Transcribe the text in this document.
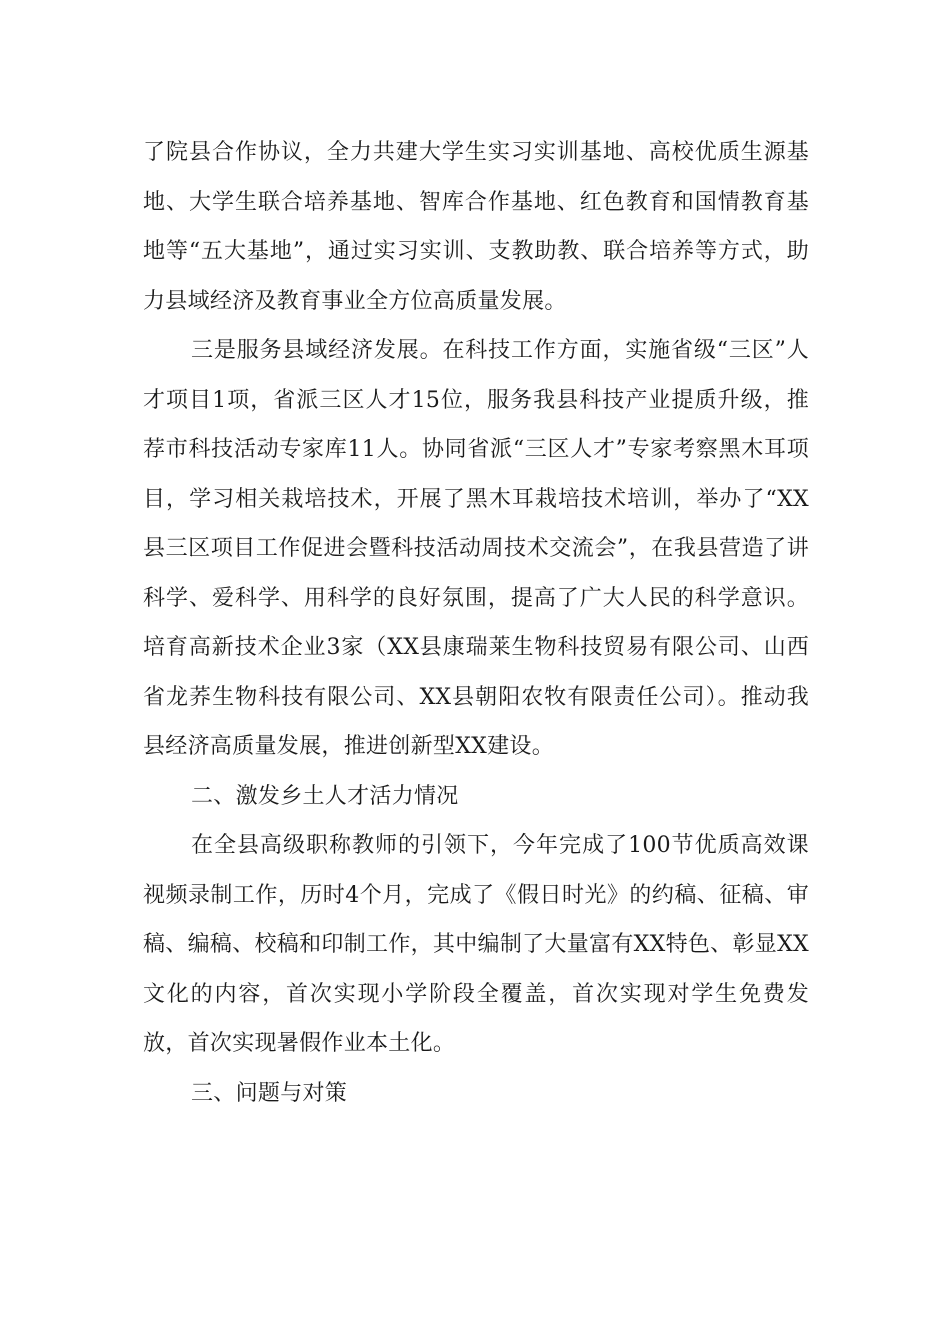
了院县合作协议，全力共建大学生实习实训基地、高校优质生源基地、大学生联合培养基地、智库合作基地、红色教育和国情教育基地等“五大基地”，通过实习实训、支教助教、联合培养等方式，助力县域经济及教育事业全方位高质量发展。

三是服务县域经济发展。在科技工作方面，实施省级“三区”人才项目1项，省派三区人才15位，服务我县科技产业提质升级，推荐市科技活动专家库11人。协同省派“三区人才”专家考察黑木耳项目，学习相关栽培技术，开展了黑木耳栽培技术培训，举办了“XX县三区项目工作促进会暨科技活动周技术交流会”，在我县营造了讲科学、爱科学、用科学的良好氛围，提高了广大人民的科学意识。培育高新技术企业3家（XX县康瑞莱生物科技贸易有限公司、山西省龙荞生物科技有限公司、XX县朝阳农牧有限责任公司）。推动我县经济高质量发展，推进创新型XX建设。

二、激发乡土人才活力情况

在全县高级职称教师的引领下，今年完成了100节优质高效课视频录制工作，历时4个月，完成了《假日时光》的约稿、征稿、审稿、编稿、校稿和印制工作，其中编制了大量富有XX特色、彰显XX文化的内容，首次实现小学阶段全覆盖，首次实现对学生免费发放，首次实现暑假作业本土化。

三、问题与对策
